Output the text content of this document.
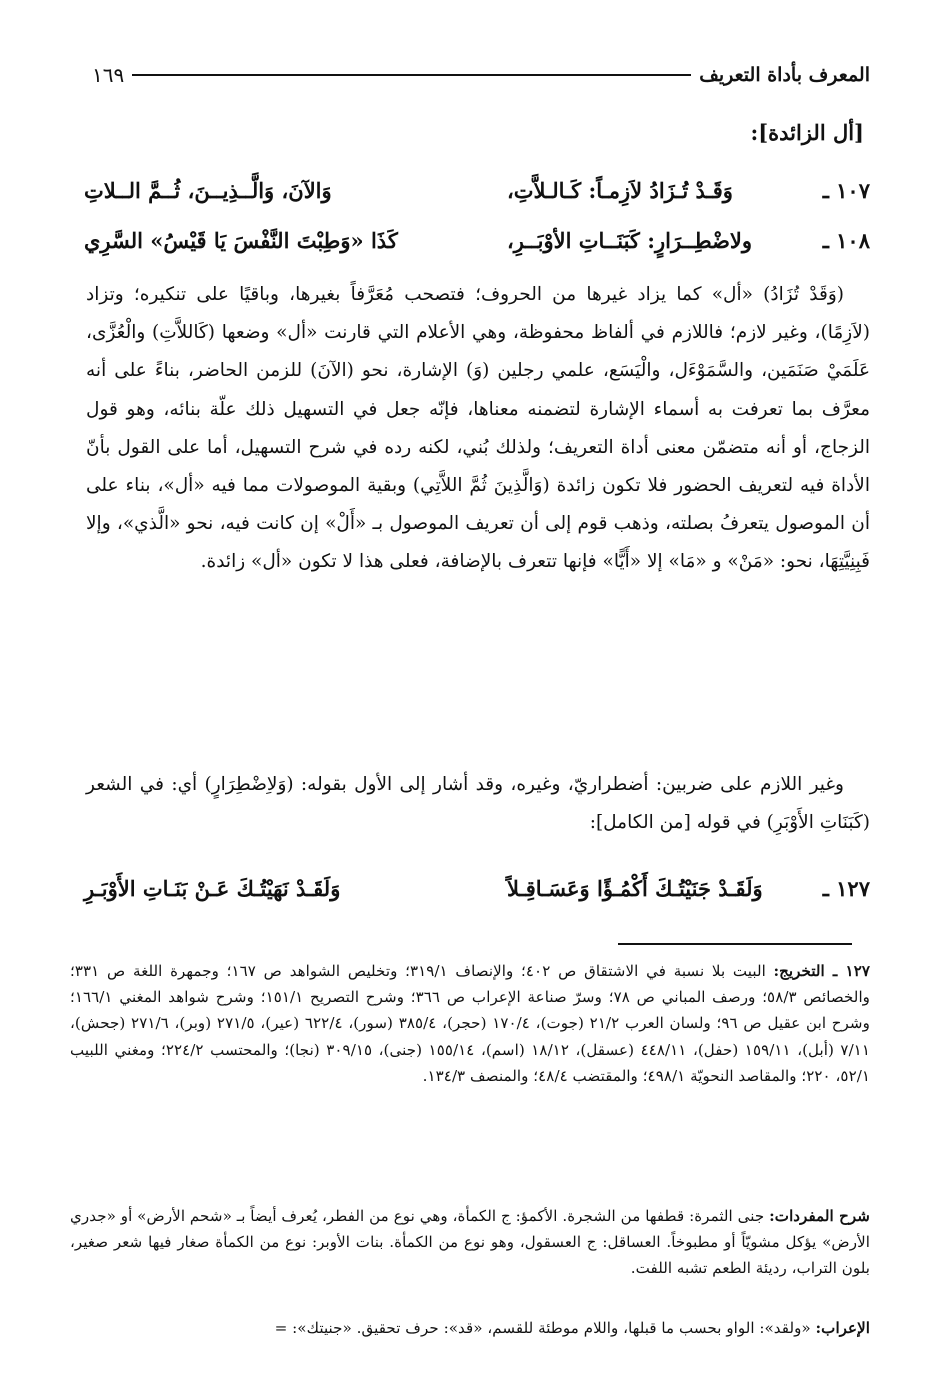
المعرف بأداة التعريف
١٦٩
[أل الزائدة]:
١٠٧ ـ

وَقَـدْ تُـزَادُ لاَزِمـاً: كَـالـلاَّتِ،
وَالآنَ، وَالَّــذِيــنَ، ثُــمَّ الــلاتِ
١٠٨ ـ

ولاضْطِــرَارٍ: كَبَنَــاتِ الأوْبَــرِ،
كَذَا «وَطِبْتَ النَّفْسَ يَا قَيْسُ» السَّرِي

(وَقَدْ تُزَادُ) «أل» كما يزاد غيرها من الحروف؛ فتصحب مُعَرَّفاً بغيرها، وباقيًا على تنكيره؛ وتزاد (لاَزِمًا)، وغير لازم؛ فاللازم في ألفاظ محفوظة، وهي الأعلام التي قارنت «أل» وضعها (كَاللاَّتِ) والْعُزَّى، عَلَمَيْ صَنَمَين، والسَّمَوْءَل، والْيَسَع، علمي رجلين (وَ) الإشارة، نحو (الآنَ) للزمن الحاضر، بناءً على أنه معرَّف بما تعرفت به أسماء الإشارة لتضمنه معناها، فإنّه جعل في التسهيل ذلك علّة بنائه، وهو قول الزجاج، أو أنه متضمّن معنى أداة التعريف؛ ولذلك بُني، لكنه رده في شرح التسهيل، أما على القول بأنّ الأداة فيه لتعريف الحضور فلا تكون زائدة (وَالَّذِينَ ثُمَّ اللاَّتِي) وبقية الموصولات مما فيه «أل»، بناء على أن الموصول يتعرفُ بصلته، وذهب قوم إلى أن تعريف الموصول بـ «أَلْ» إن كانت فيه، نحو «الَّذي»، وإلا فَبِنِيَّتِهَا، نحو: «مَنْ» و «مَا» إلا «أَيًّا» فإنها تتعرف بالإضافة، فعلى هذا لا تكون «أل» زائدة.

وغير اللازم على ضربين: أضطراريّ، وغيره، وقد أشار إلى الأول بقوله: (وَلاِضْطِرَارٍ) أي: في الشعر (كَبَنَاتِ الأَوْبَرِ) في قوله [من الكامل]:

١٢٧ ـ

وَلَقَـدْ جَنَيْتُـكَ أَكْمُـؤًا وَعَسَـاقِـلاً
وَلَقَـدْ نَهَيْتُـكَ عَـنْ بَنَـاتِ الأَوْبَـرِ

١٢٧ ـ التخريج: البيت بلا نسبة في الاشتقاق ص ٤٠٢؛ والإنصاف ٣١٩/١؛ وتخليص الشواهد ص ١٦٧؛ وجمهرة اللغة ص ٣٣١؛ والخصائص ٥٨/٣؛ ورصف المباني ص ٧٨؛ وسرّ صناعة الإعراب ص ٣٦٦؛ وشرح التصريح ١٥١/١؛ وشرح شواهد المغني ١٦٦/١؛ وشرح ابن عقيل ص ٩٦؛ ولسان العرب ٢١/٢ (جوت)، ١٧٠/٤ (حجر)، ٣٨٥/٤ (سور)، ٦٢٢/٤ (عير)، ٢٧١/٥ (وبر)، ٢٧١/٦ (جحش)، ٧/١١ (أبل)، ١٥٩/١١ (حفل)، ٤٤٨/١١ (عسقل)، ١٨/١٢ (اسم)، ١٥٥/١٤ (جنى)، ٣٠٩/١٥ (نجا)؛ والمحتسب ٢٢٤/٢؛ ومغني اللبيب ٥٢/١، ٢٢٠؛ والمقاصد النحويّة ٤٩٨/١؛ والمقتضب ٤٨/٤؛ والمنصف ١٣٤/٣.

شرح المفردات: جنى الثمرة: قطفها من الشجرة. الأكمؤ: ج الكمأة، وهي نوع من الفطر، يُعرف أيضاً بـ «شحم الأرض» أو «جدري الأرض» يؤكل مشويّاً أو مطبوخاً. العساقل: ج العسقول، وهو نوع من الكمأة. بنات الأوبر: نوع من الكمأة صغار فيها شعر صغير، بلون التراب، رديئة الطعم تشبه اللفت.

الإعراب: «ولقد»: الواو بحسب ما قبلها، واللام موطئة للقسم، «قد»: حرف تحقيق. «جنيتك»: =
